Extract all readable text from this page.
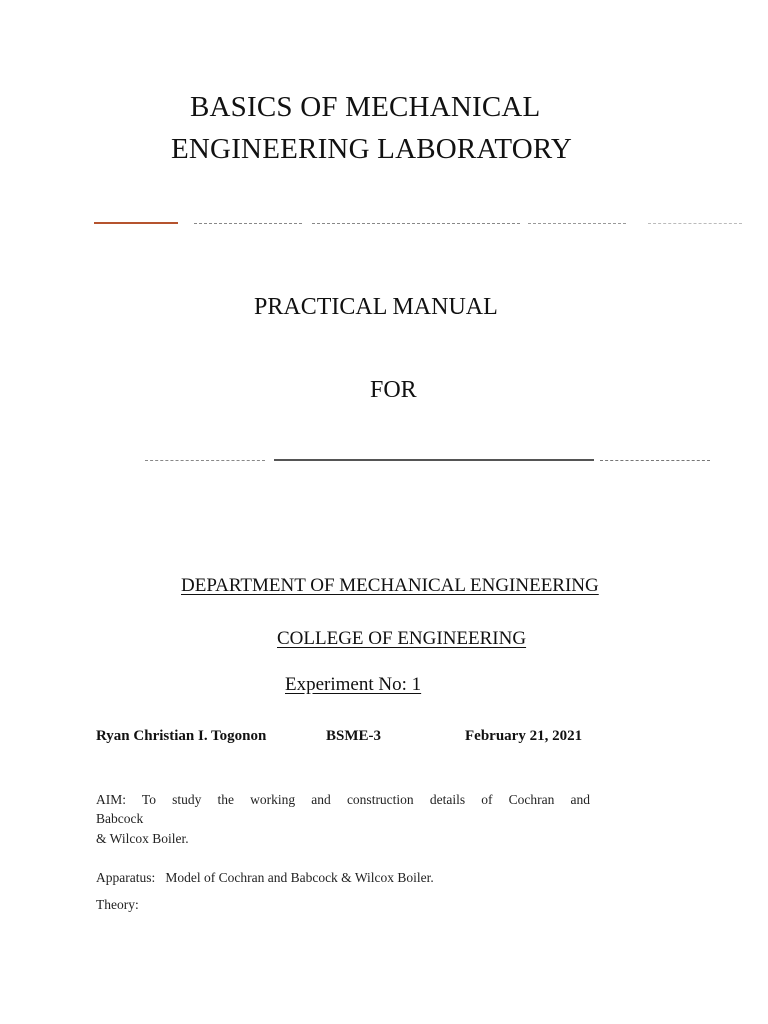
BASICS OF MECHANICAL
ENGINEERING LABORATORY
PRACTICAL MANUAL
FOR
DEPARTMENT OF MECHANICAL ENGINEERING
COLLEGE OF ENGINEERING
Experiment No: 1
Ryan Christian I. Togonon	BSME-3	February 21, 2021
AIM: To study the working and construction details of Cochran and
Babcock
& Wilcox Boiler.
Apparatus:   Model of Cochran and Babcock & Wilcox Boiler.
Theory:
